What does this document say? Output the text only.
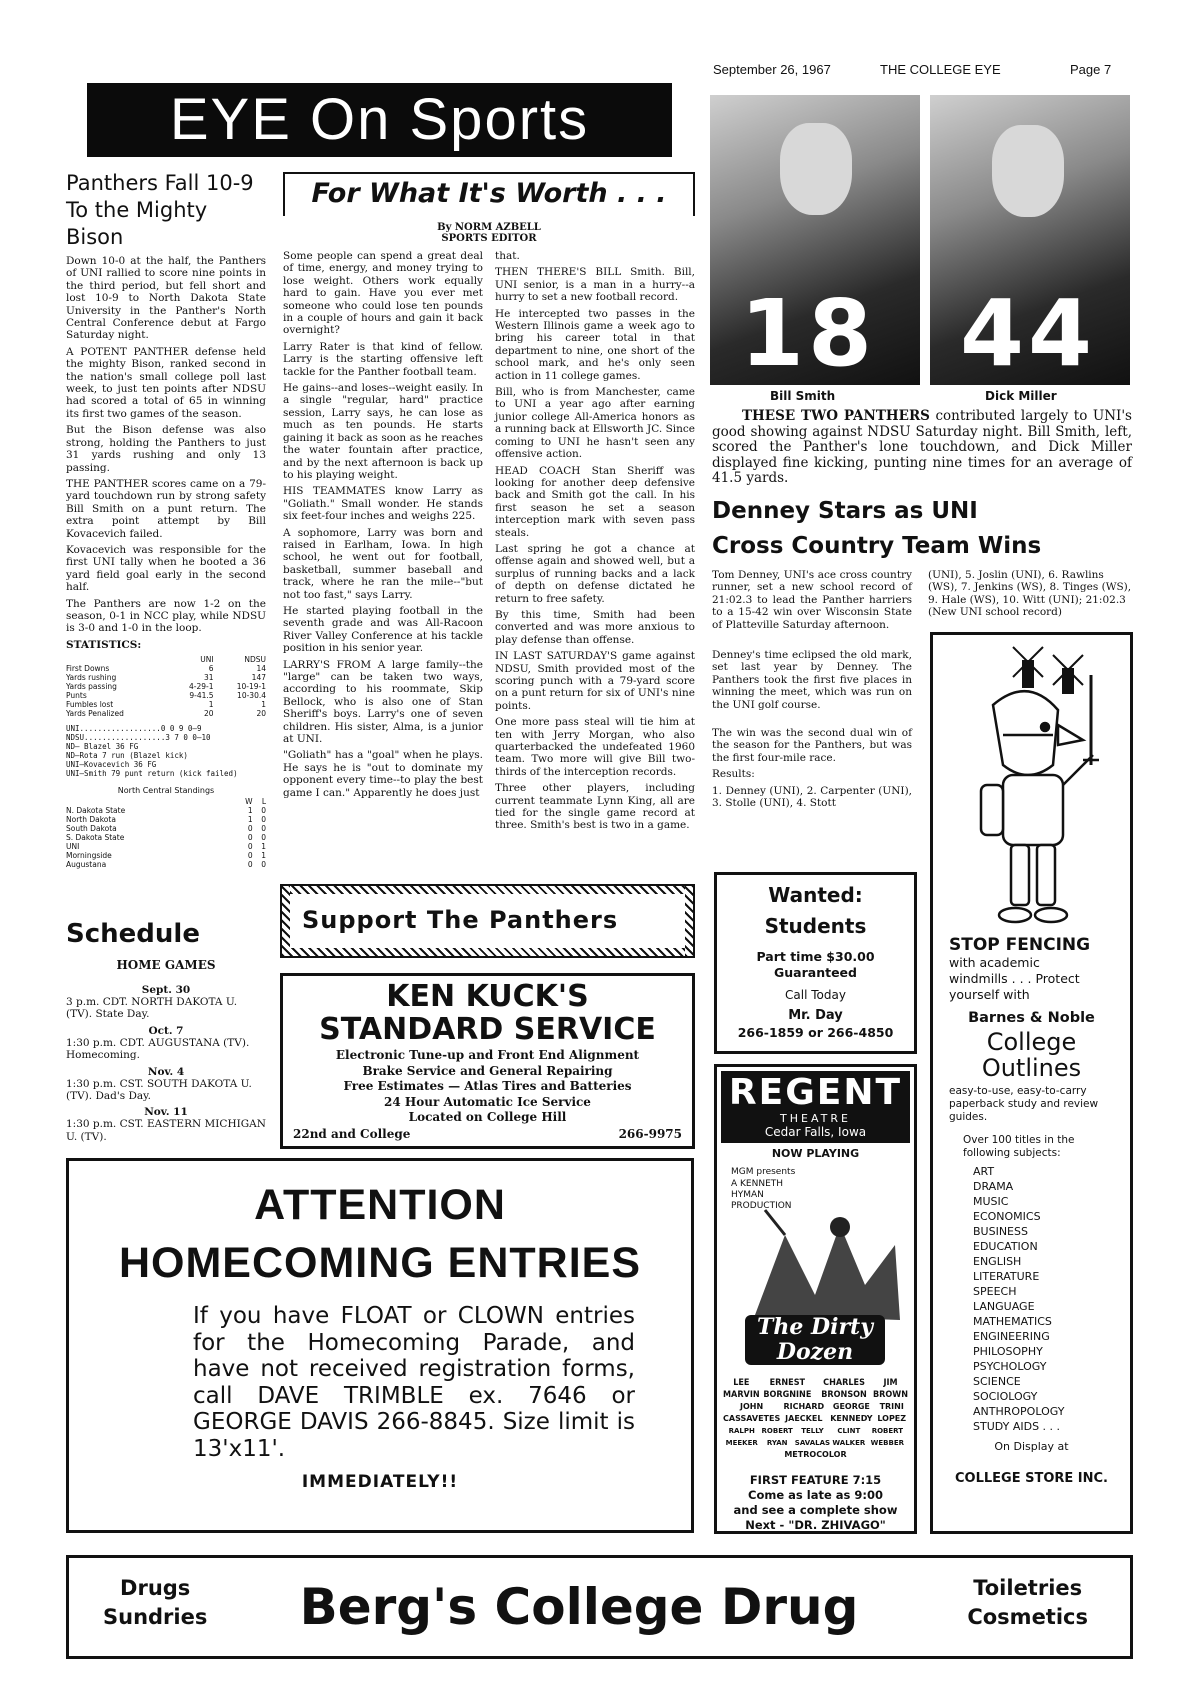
September 26, 1967	THE COLLEGE EYE	Page 7
EYE On Sports
Panthers Fall 10-9 To the Mighty Bison

Down 10-0 at the half, the Panthers of UNI rallied to score nine points in the third period, but fell short and lost 10-9 to North Dakota State University in the Panther's North Central Conference debut at Fargo Saturday night.

A POTENT PANTHER defense held the mighty Bison, ranked second in the nation's small college poll last week, to just ten points after NDSU had scored a total of 65 in winning its first two games of the season.

But the Bison defense was also strong, holding the Panthers to just 31 yards rushing and only 13 passing.

THE PANTHER scores came on a 79-yard touchdown run by strong safety Bill Smith on a punt return. The extra point attempt by Bill Kovacevich failed.

Kovacevich was responsible for the first UNI tally when he booted a 36 yard field goal early in the second half.

The Panthers are now 1-2 on the season, 0-1 in NCC play, while NDSU is 3-0 and 1-0 in the loop.

STATISTICS:
	UNI	NDSU
First Downs	6	14
Yards rushing	31	147
Yards passing	4-29-1	10-19-1
Punts	9-41.5	10-30.4
Fumbles lost	1	1
Yards Penalized	20	20
UNI..................0 0 9 0—9
NDSU..................3 7 0 0—10
ND— Blazel 36 FG
ND—Rota 7 run (Blazel kick)
UNI—Kovacevich 36 FG
UNI—Smith 79 punt return (kick failed)
North Central Standings
	W	L
N. Dakota State	1	0
North Dakota	1	0
South Dakota	0	0
S. Dakota State	0	0
UNI	0	1
Morningside	0	1
Augustana	0	0
Schedule
HOME GAMES
Sept. 30
3 p.m. CDT. NORTH DAKOTA U. (TV). State Day.
Oct. 7
1:30 p.m. CDT. AUGUSTANA (TV). Homecoming.
Nov. 4
1:30 p.m. CST. SOUTH DAKOTA U. (TV). Dad's Day.
Nov. 11
1:30 p.m. CST. EASTERN MICHIGAN U. (TV).
For What It's Worth . . .
By NORM AZBELL
SPORTS EDITOR

Some people can spend a great deal of time, energy, and money trying to lose weight. Others work equally hard to gain. Have you ever met someone who could lose ten pounds in a couple of hours and gain it back overnight?

Larry Rater is that kind of fellow. Larry is the starting offensive left tackle for the Panther football team.

He gains--and loses--weight easily. In a single "regular, hard" practice session, Larry says, he can lose as much as ten pounds. He starts gaining it back as soon as he reaches the water fountain after practice, and by the next afternoon is back up to his playing weight.

HIS TEAMMATES know Larry as "Goliath." Small wonder. He stands six feet-four inches and weighs 225.

A sophomore, Larry was born and raised in Earlham, Iowa. In high school, he went out for football, basketball, summer baseball and track, where he ran the mile--"but not too fast," says Larry.

He started playing football in the seventh grade and was All-Racoon River Valley Conference at his tackle position in his senior year.

LARRY'S FROM A large family--the "large" can be taken two ways, according to his roommate, Skip Bellock, who is also one of Stan Sheriff's boys. Larry's one of seven children. His sister, Alma, is a junior at UNI.

"Goliath" has a "goal" when he plays. He says he is "out to dominate my opponent every time--to play the best game I can." Apparently he does just

that.

THEN THERE'S BILL Smith. Bill, UNI senior, is a man in a hurry--a hurry to set a new football record.

He intercepted two passes in the Western Illinois game a week ago to bring his career total in that department to nine, one short of the school mark, and he's only seen action in 11 college games.

Bill, who is from Manchester, came to UNI a year ago after earning junior college All-America honors as a running back at Ellsworth JC. Since coming to UNI he hasn't seen any offensive action.

HEAD COACH Stan Sheriff was looking for another deep defensive back and Smith got the call. In his first season he set a season interception mark with seven pass steals.

Last spring he got a chance at offense again and showed well, but a surplus of running backs and a lack of depth on defense dictated he return to free safety.

By this time, Smith had been converted and was more anxious to play defense than offense.

IN LAST SATURDAY'S game against NDSU, Smith provided most of the scoring punch with a 79-yard score on a punt return for six of UNI's nine points.

One more pass steal will tie him at ten with Jerry Morgan, who also quarterbacked the undefeated 1960 team. Two more will give Bill two-thirds of the interception records.

Three other players, including current teammate Lynn King, all are tied for the single game record at three. Smith's best is two in a game.

18 44
Bill Smith	Dick Miller
THESE TWO PANTHERS contributed largely to UNI's good showing against NDSU Saturday night. Bill Smith, left, scored the Panther's lone touchdown, and Dick Miller displayed fine kicking, punting nine times for an average of 41.5 yards.
Denney Stars as UNI
Cross Country Team Wins

Tom Denney, UNI's ace cross country runner, set a new school record of 21:02.3 to lead the Panther harriers to a 15-42 win over Wisconsin State of Platteville Saturday afternoon.

Denney's time eclipsed the old mark, set last year by Denney. The Panthers took the first five places in winning the meet, which was run on the UNI golf course.

The win was the second dual win of the season for the Panthers, but was the first four-mile race.

Results:

1. Denney (UNI), 2. Carpenter (UNI), 3. Stolle (UNI), 4. Stott

(UNI), 5. Joslin (UNI), 6. Rawlins (WS), 7. Jenkins (WS), 8. Tinges (WS), 9. Hale (WS), 10. Witt (UNI); 21:02.3 (New UNI school record)

STOP FENCING
with academic
windmills . . . Protect
yourself with
Barnes & Noble
College
Outlines
easy-to-use, easy-to-carry paperback study and review guides.
Over 100 titles in the following subjects:
ART
DRAMA
MUSIC
ECONOMICS
BUSINESS
EDUCATION
ENGLISH
LITERATURE
SPEECH
LANGUAGE
MATHEMATICS
ENGINEERING
PHILOSOPHY
PSYCHOLOGY
SCIENCE
SOCIOLOGY
ANTHROPOLOGY
STUDY AIDS . . .
On Display at
COLLEGE STORE INC.
Wanted:
Students
Part time $30.00
Guaranteed
Call Today
Mr. Day
266-1859 or 266-4850
REGENT
THEATRE
Cedar Falls, Iowa
NOW PLAYING
MGM presents
A KENNETH HYMAN PRODUCTION
The Dirty Dozen
LEE MARVIN
ERNEST BORGNINE
CHARLES BRONSON
JIM BROWN
JOHN CASSAVETES
RICHARD JAECKEL
GEORGE KENNEDY
TRINI LOPEZ
RALPH MEEKER
ROBERT RYAN
TELLY SAVALAS
CLINT WALKER
ROBERT WEBBER
METROCOLOR
FIRST FEATURE 7:15
Come as late as 9:00
and see a complete show
Next - "DR. ZHIVAGO"
Support The Panthers
KEN KUCK'S
STANDARD SERVICE
Electronic Tune-up and Front End Alignment
Brake Service and General Repairing
Free Estimates — Atlas Tires and Batteries
24 Hour Automatic Ice Service
Located on College Hill
22nd and College	266-9975
ATTENTION
HOMECOMING ENTRIES
If you have FLOAT or CLOWN entries for the Homecoming Parade, and have not received registration forms, call DAVE TRIMBLE ex. 7646 or GEORGE DAVIS 266-8845. Size limit is 13'x11'.
IMMEDIATELY!!
Drugs
Sundries	Berg's College Drug	Toiletries
Cosmetics
